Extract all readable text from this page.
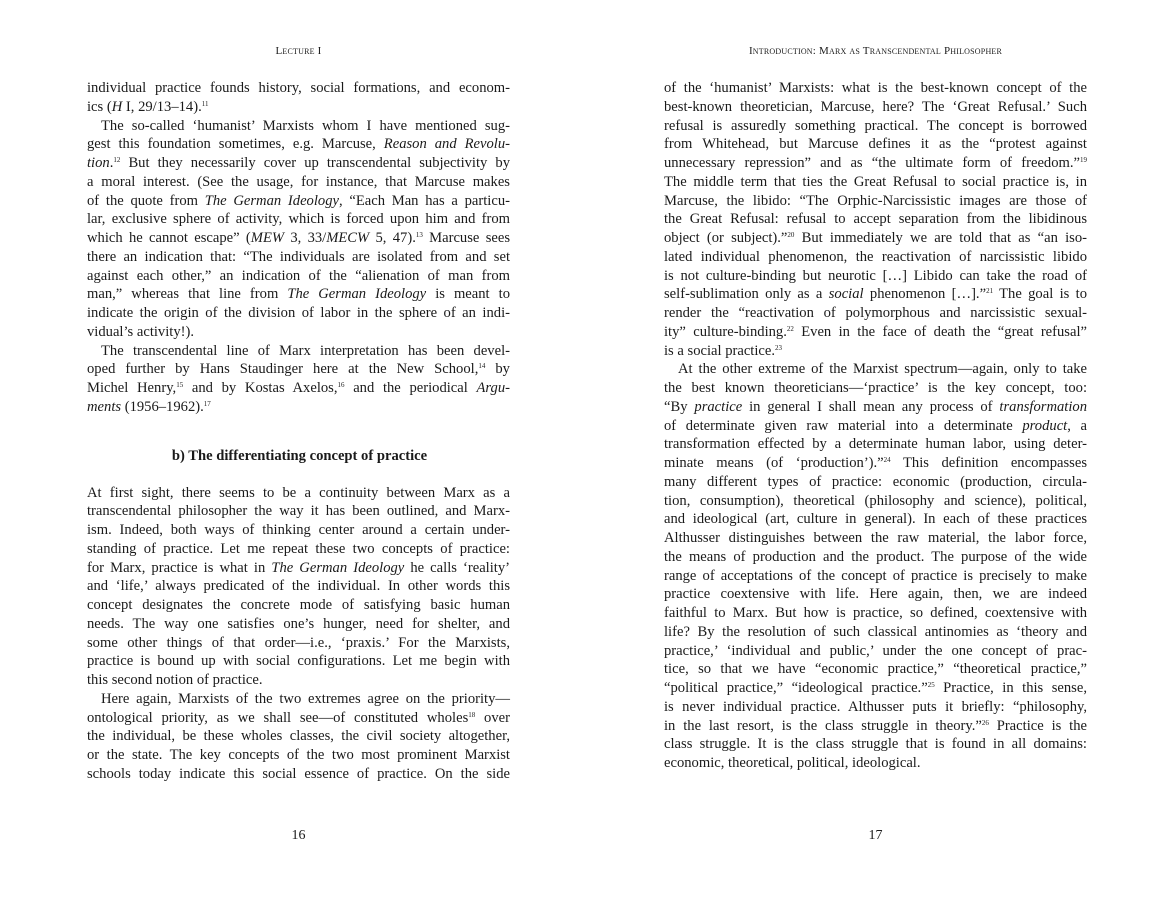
Lecture I
individual practice founds history, social formations, and econom-
ics (H I, 29/13–14).$^{11}$
The so-called ‘humanist’ Marxists whom I have mentioned sug-
gest this foundation sometimes, e.g. Marcuse, Reason and Revolu-
tion.$^{12}$ But they necessarily cover up transcendental subjectivity by
a moral interest. (See the usage, for instance, that Marcuse makes
of the quote from The German Ideology, “Each Man has a particu-
lar, exclusive sphere of activity, which is forced upon him and from
which he cannot escape” (MEW 3, 33/MECW 5, 47).$^{13}$ Marcuse sees
there an indication that: “The individuals are isolated from and set
against each other,” an indication of the “alienation of man from
man,” whereas that line from The German Ideology is meant to
indicate the origin of the division of labor in the sphere of an indi-
vidual’s activity!).
The transcendental line of Marx interpretation has been devel-
oped further by Hans Staudinger here at the New School,$^{14}$ by
Michel Henry,$^{15}$ and by Kostas Axelos,$^{16}$ and the periodical Argu-
ments (1956–1962).$^{17}$
b) The differentiating concept of practice
At first sight, there seems to be a continuity between Marx as a
transcendental philosopher the way it has been outlined, and Marx-
ism. Indeed, both ways of thinking center around a certain under-
standing of practice. Let me repeat these two concepts of practice:
for Marx, practice is what in The German Ideology he calls ‘reality’
and ‘life,’ always predicated of the individual. In other words this
concept designates the concrete mode of satisfying basic human
needs. The way one satisfies one’s hunger, need for shelter, and
some other things of that order—i.e., ‘praxis.’ For the Marxists,
practice is bound up with social configurations. Let me begin with
this second notion of practice.
Here again, Marxists of the two extremes agree on the priority—
ontological priority, as we shall see—of constituted wholes$^{18}$ over
the individual, be these wholes classes, the civil society altogether,
or the state. The key concepts of the two most prominent Marxist
schools today indicate this social essence of practice. On the side
16
Introduction: Marx as Transcendental Philosopher
of the ‘humanist’ Marxists: what is the best-known concept of the
best-known theoretician, Marcuse, here? The ‘Great Refusal.’ Such
refusal is assuredly something practical. The concept is borrowed
from Whitehead, but Marcuse defines it as the “protest against
unnecessary repression” and as “the ultimate form of freedom.”$^{19}$
The middle term that ties the Great Refusal to social practice is, in
Marcuse, the libido: “The Orphic-Narcissistic images are those of
the Great Refusal: refusal to accept separation from the libidinous
object (or subject).”$^{20}$ But immediately we are told that as “an iso-
lated individual phenomenon, the reactivation of narcissistic libido
is not culture-binding but neurotic […] Libido can take the road of
self-sublimation only as a social phenomenon […].”$^{21}$ The goal is to
render the “reactivation of polymorphous and narcissistic sexual-
ity” culture-binding.$^{22}$ Even in the face of death the “great refusal”
is a social practice.$^{23}$
At the other extreme of the Marxist spectrum—again, only to take
the best known theoreticians—‘practice’ is the key concept, too:
“By practice in general I shall mean any process of transformation
of determinate given raw material into a determinate product, a
transformation effected by a determinate human labor, using deter-
minate means (of ‘production’).”$^{24}$ This definition encompasses
many different types of practice: economic (production, circula-
tion, consumption), theoretical (philosophy and science), political,
and ideological (art, culture in general). In each of these practices
Althusser distinguishes between the raw material, the labor force,
the means of production and the product. The purpose of the wide
range of acceptations of the concept of practice is precisely to make
practice coextensive with life. Here again, then, we are indeed
faithful to Marx. But how is practice, so defined, coextensive with
life? By the resolution of such classical antinomies as ‘theory and
practice,’ ‘individual and public,’ under the one concept of prac-
tice, so that we have “economic practice,” “theoretical practice,”
“political practice,” “ideological practice.”$^{25}$ Practice, in this sense,
is never individual practice. Althusser puts it briefly: “philosophy,
in the last resort, is the class struggle in theory.”$^{26}$ Practice is the
class struggle. It is the class struggle that is found in all domains:
economic, theoretical, political, ideological.
17
